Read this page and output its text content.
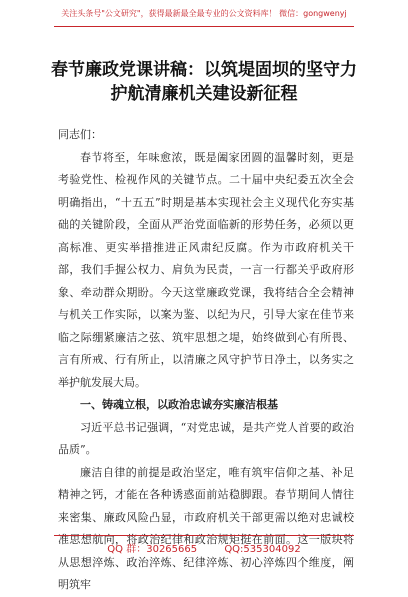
关注头条号"公文研究"，获得最新最全最专业的公文资料库！ 微信：gongwenyj
春节廉政党课讲稿：以筑堤固坝的坚守力
护航清廉机关建设新征程

同志们：

春节将至，年味愈浓，既是阖家团圆的温馨时刻，更是考验党性、检视作风的关键节点。二十届中央纪委五次全会明确指出，“十五五”时期是基本实现社会主义现代化夯实基础的关键阶段，全面从严治党面临新的形势任务，必须以更高标准、更实举措推进正风肃纪反腐。作为市政府机关干部，我们手握公权力、肩负为民责，一言一行都关乎政府形象、牵动群众期盼。今天这堂廉政党课，我将结合全会精神与机关工作实际，以案为鉴、以纪为尺，引导大家在佳节来临之际绷紧廉洁之弦、筑牢思想之堤，始终做到心有所畏、言有所戒、行有所止，以清廉之风守护节日净土，以务实之举护航发展大局。

一、铸魂立根，以政治忠诚夯实廉洁根基

习近平总书记强调，“对党忠诚，是共产党人首要的政治品质”。

廉洁自律的前提是政治坚定，唯有筑牢信仰之基、补足精神之钙，才能在各种诱惑面前站稳脚跟。春节期间人情往来密集、廉政风险凸显，市政府机关干部更需以绝对忠诚校准思想航向，将政治纪律和政治规矩挺在前面。这一版块将从思想淬炼、政治淬炼、纪律淬炼、初心淬炼四个维度，阐明筑牢

QQ 群：30265665	QQ:535304092
